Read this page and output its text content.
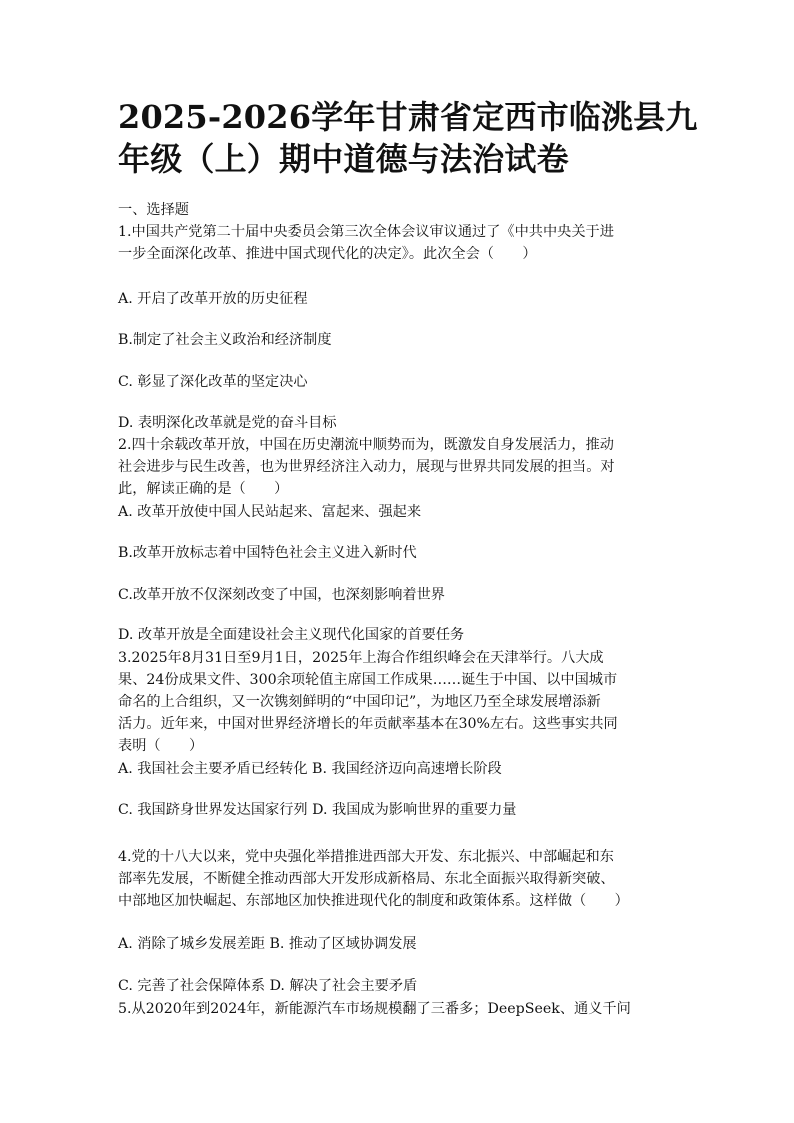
2025-2026学年甘肃省定西市临洮县九
年级（上）期中道德与法治试卷
一、选择题
1.中国共产党第二十届中央委员会第三次全体会议审议通过了《中共中央关于进
一步全面深化改革、推进中国式现代化的决定》。此次全会（　　）
A. 开启了改革开放的历史征程
B.制定了社会主义政治和经济制度
C. 彰显了深化改革的坚定决心
D. 表明深化改革就是党的奋斗目标
2.四十余载改革开放，中国在历史潮流中顺势而为，既激发自身发展活力，推动
社会进步与民生改善，也为世界经济注入动力，展现与世界共同发展的担当。对
此，解读正确的是（　　）
A. 改革开放使中国人民站起来、富起来、强起来
B.改革开放标志着中国特色社会主义进入新时代
C.改革开放不仅深刻改变了中国，也深刻影响着世界
D. 改革开放是全面建设社会主义现代化国家的首要任务
3.2025年8月31日至9月1日，2025年上海合作组织峰会在天津举行。八大成
果、24份成果文件、300余项轮值主席国工作成果……诞生于中国、以中国城市
命名的上合组织，又一次镌刻鲜明的“中国印记”，为地区乃至全球发展增添新
活力。近年来，中国对世界经济增长的年贡献率基本在30%左右。这些事实共同
表明（　　）
A. 我国社会主要矛盾已经转化 B. 我国经济迈向高速增长阶段
C. 我国跻身世界发达国家行列 D. 我国成为影响世界的重要力量
4.党的十八大以来，党中央强化举措推进西部大开发、东北振兴、中部崛起和东
部率先发展，不断健全推动西部大开发形成新格局、东北全面振兴取得新突破、
中部地区加快崛起、东部地区加快推进现代化的制度和政策体系。这样做（　　）
A. 消除了城乡发展差距 B. 推动了区域协调发展
C. 完善了社会保障体系 D. 解决了社会主要矛盾
5.从2020年到2024年，新能源汽车市场规模翻了三番多；DeepSeek、通义千问
